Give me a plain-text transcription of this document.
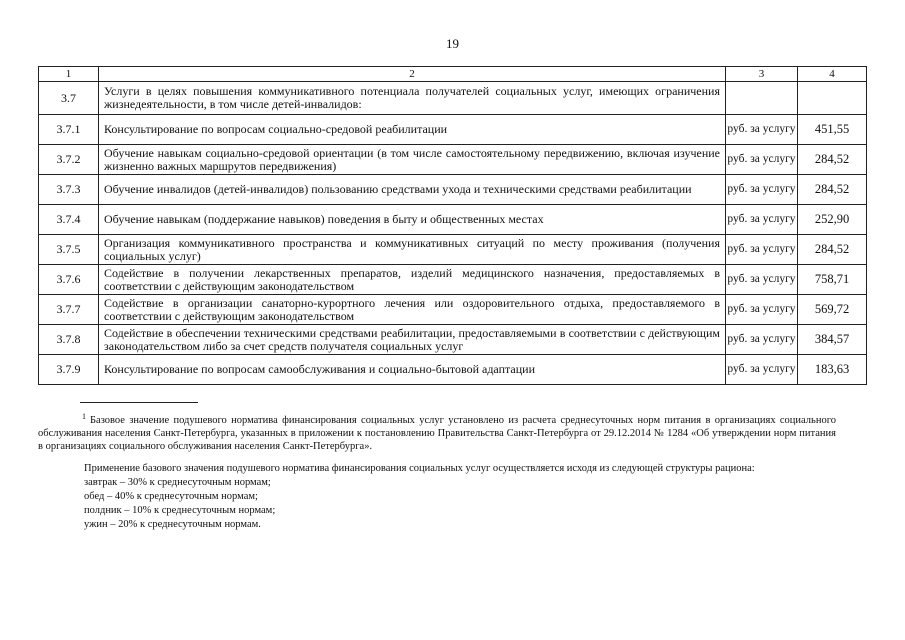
19
1	2	3	4
3.7	Услуги в целях повышения коммуникативного потенциала получателей социальных услуг, имеющих ограничения жизнедеятельности, в том числе детей-инвалидов:		
3.7.1	Консультирование по вопросам социально-средовой реабилитации	руб. за услугу	451,55
3.7.2	Обучение навыкам социально-средовой ориентации (в том числе самостоятельному передвижению, включая изучение жизненно важных маршрутов передвижения)	руб. за услугу	284,52
3.7.3	Обучение инвалидов (детей-инвалидов) пользованию средствами ухода и техническими средствами реабилитации	руб. за услугу	284,52
3.7.4	Обучение навыкам (поддержание навыков) поведения в быту и общественных местах	руб. за услугу	252,90
3.7.5	Организация коммуникативного пространства и коммуникативных ситуаций по месту проживания (получения социальных услуг)	руб. за услугу	284,52
3.7.6	Содействие в получении лекарственных препаратов, изделий медицинского назначения, предоставляемых в соответствии с действующим законодательством	руб. за услугу	758,71
3.7.7	Содействие в организации санаторно-курортного лечения или оздоровительного отдыха, предоставляемого в соответствии с действующим законодательством	руб. за услугу	569,72
3.7.8	Содействие в обеспечении техническими средствами реабилитации, предоставляемыми в соответствии с действующим законодательством либо за счет средств получателя социальных услуг	руб. за услугу	384,57
3.7.9	Консультирование по вопросам самообслуживания и социально-бытовой адаптации	руб. за услугу	183,63
$^1$ Базовое значение подушевого норматива финансирования социальных услуг установлено из расчета среднесуточных норм питания в организациях социального обслуживания населения Санкт-Петербурга, указанных в приложении к постановлению Правительства Санкт-Петербурга от 29.12.2014 № 1284 «Об утверждении норм питания в организациях социального обслуживания населения Санкт-Петербурга».
Применение базового значения подушевого норматива финансирования социальных услуг осуществляется исходя из следующей структуры рациона:
завтрак – 30% к среднесуточным нормам;
обед – 40% к среднесуточным нормам;
полдник – 10% к среднесуточным нормам;
ужин – 20% к среднесуточным нормам.
